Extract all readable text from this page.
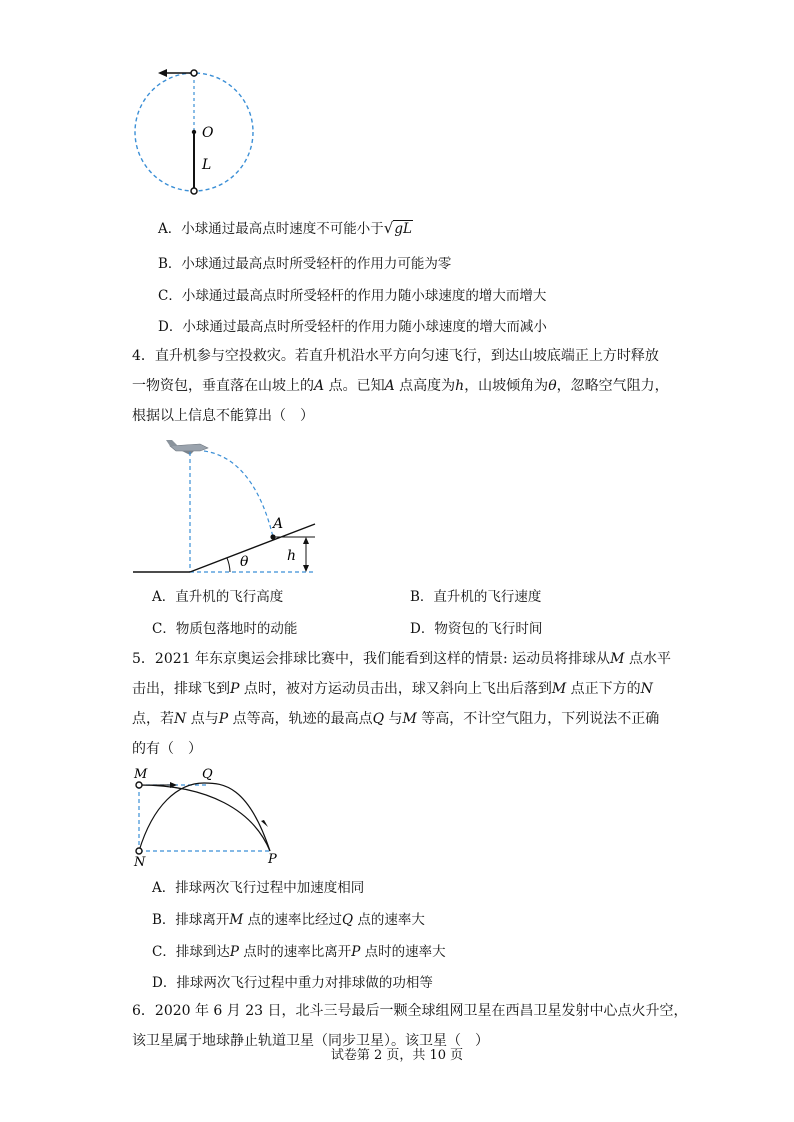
O
L
A．小球通过最高点时速度不可能小于√gL
B．小球通过最高点时所受轻杆的作用力可能为零
C．小球通过最高点时所受轻杆的作用力随小球速度的增大而增大
D．小球通过最高点时所受轻杆的作用力随小球速度的增大而减小

4．直升机参与空投救灾。若直升机沿水平方向匀速飞行，到达山坡底端正上方时释放

一物资包，垂直落在山坡上的A 点。已知A 点高度为h，山坡倾角为θ，忽略空气阻力，

根据以上信息不能算出（　）

A
θ	h
A．直升机的飞行高度	B．直升机的飞行速度
C．物质包落地时的动能	D．物资包的飞行时间

5．2021 年东京奥运会排球比赛中，我们能看到这样的情景: 运动员将排球从M 点水平

击出，排球飞到P 点时，被对方运动员击出，球又斜向上飞出后落到M 点正下方的N

点，若N 点与P 点等高，轨迹的最高点Q 与M 等高，不计空气阻力，下列说法不正确

的有（　）

M	Q
N	P
A．排球两次飞行过程中加速度相同
B．排球离开M 点的速率比经过Q 点的速率大
C．排球到达P 点时的速率比离开P 点时的速率大
D．排球两次飞行过程中重力对排球做的功相等

6．2020 年 6 月 23 日，北斗三号最后一颗全球组网卫星在西昌卫星发射中心点火升空，

该卫星属于地球静止轨道卫星（同步卫星）。该卫星（　）

试卷第 2 页，共 10 页
